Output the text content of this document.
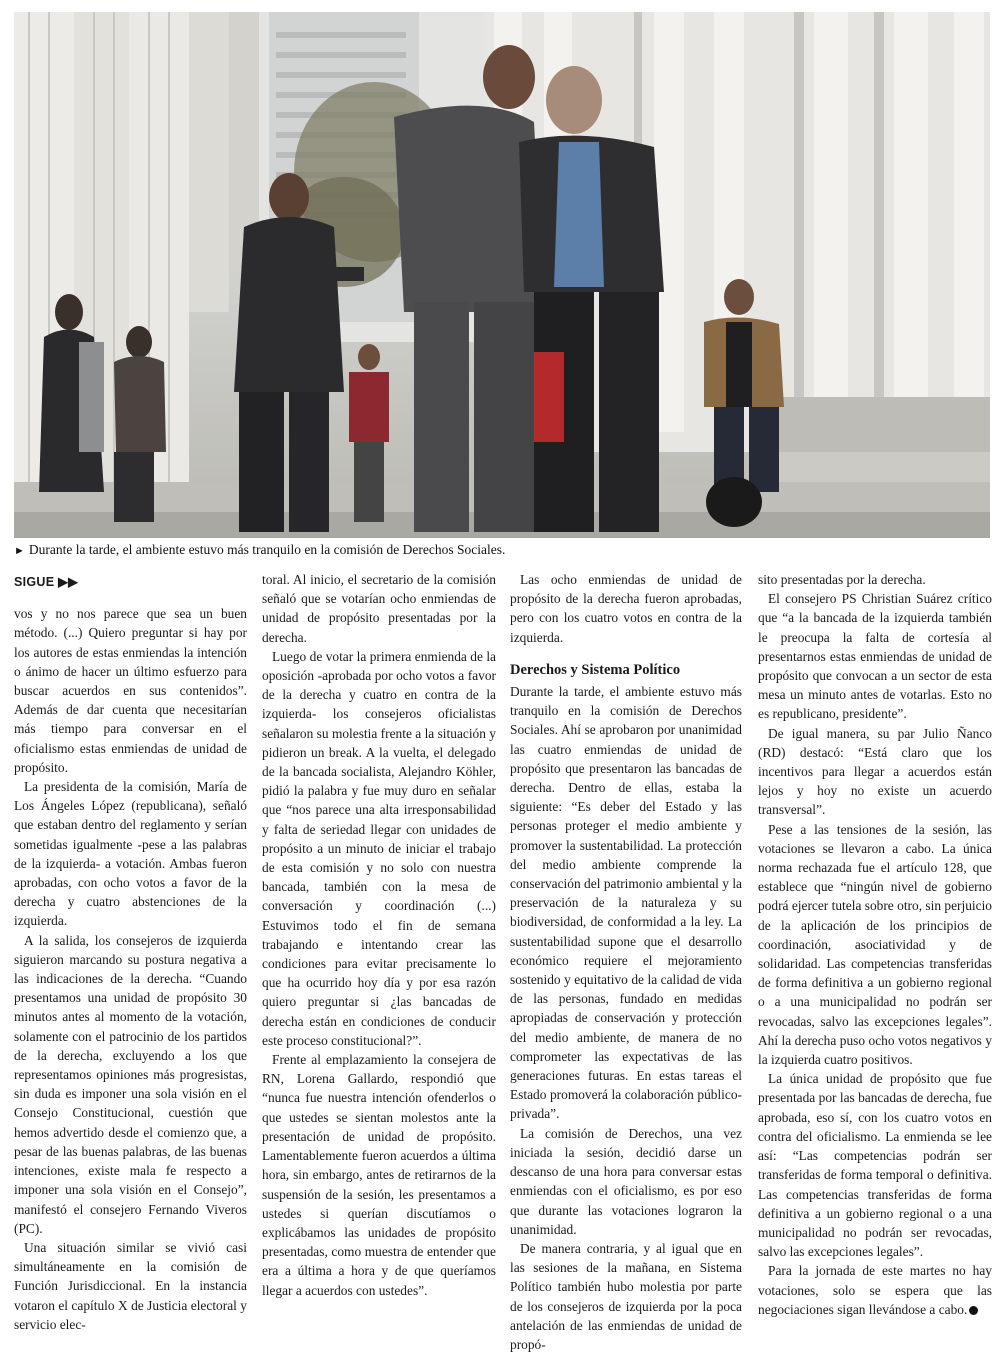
► Durante la tarde, el ambiente estuvo más tranquilo en la comisión de Derechos Sociales.
SIGUE ▶▶

vos y no nos parece que sea un buen método. (...) Quiero preguntar si hay por los autores de estas enmiendas la intención o ánimo de hacer un último esfuerzo para buscar acuerdos en sus contenidos”. Además de dar cuenta que necesitarían más tiempo para conversar en el oficialismo estas enmiendas de unidad de propósito.

La presidenta de la comisión, María de Los Ángeles López (republicana), señaló que estaban dentro del reglamento y serían sometidas igualmente -pese a las palabras de la izquierda- a votación. Ambas fueron aprobadas, con ocho votos a favor de la derecha y cuatro abstenciones de la izquierda.

A la salida, los consejeros de izquierda siguieron marcando su postura negativa a las indicaciones de la derecha. “Cuando presentamos una unidad de propósito 30 minutos antes al momento de la votación, solamente con el patrocinio de los partidos de la derecha, excluyendo a los que representamos opiniones más progresistas, sin duda es imponer una sola visión en el Consejo Constitucional, cuestión que hemos advertido desde el comienzo que, a pesar de las buenas palabras, de las buenas intenciones, existe mala fe respecto a imponer una sola visión en el Consejo”, manifestó el consejero Fernando Viveros (PC).

Una situación similar se vivió casi simultáneamente en la comisión de Función Jurisdiccional. En la instancia votaron el capítulo X de Justicia electoral y servicio elec-

toral. Al inicio, el secretario de la comisión señaló que se votarían ocho enmiendas de unidad de propósito presentadas por la derecha.

Luego de votar la primera enmienda de la oposición -aprobada por ocho votos a favor de la derecha y cuatro en contra de la izquierda- los consejeros oficialistas señalaron su molestia frente a la situación y pidieron un break. A la vuelta, el delegado de la bancada socialista, Alejandro Köhler, pidió la palabra y fue muy duro en señalar que “nos parece una alta irresponsabilidad y falta de seriedad llegar con unidades de propósito a un minuto de iniciar el trabajo de esta comisión y no solo con nuestra bancada, también con la mesa de conversación y coordinación (...) Estuvimos todo el fin de semana trabajando e intentando crear las condiciones para evitar precisamente lo que ha ocurrido hoy día y por esa razón quiero preguntar si ¿las bancadas de derecha están en condiciones de conducir este proceso constitucional?”.

Frente al emplazamiento la consejera de RN, Lorena Gallardo, respondió que “nunca fue nuestra intención ofenderlos o que ustedes se sientan molestos ante la presentación de unidad de propósito. Lamentablemente fueron acuerdos a última hora, sin embargo, antes de retirarnos de la suspensión de la sesión, les presentamos a ustedes si querían discutíamos o explicábamos las unidades de propósito presentadas, como muestra de entender que era a última a hora y de que queríamos llegar a acuerdos con ustedes”.

Las ocho enmiendas de unidad de propósito de la derecha fueron aprobadas, pero con los cuatro votos en contra de la izquierda.

Derechos y Sistema Político

Durante la tarde, el ambiente estuvo más tranquilo en la comisión de Derechos Sociales. Ahí se aprobaron por unanimidad las cuatro enmiendas de unidad de propósito que presentaron las bancadas de derecha. Dentro de ellas, estaba la siguiente: “Es deber del Estado y las personas proteger el medio ambiente y promover la sustentabilidad. La protección del medio ambiente comprende la conservación del patrimonio ambiental y la preservación de la naturaleza y su biodiversidad, de conformidad a la ley. La sustentabilidad supone que el desarrollo económico requiere el mejoramiento sostenido y equitativo de la calidad de vida de las personas, fundado en medidas apropiadas de conservación y protección del medio ambiente, de manera de no comprometer las expectativas de las generaciones futuras. En estas tareas el Estado promoverá la colaboración público-privada”.

La comisión de Derechos, una vez iniciada la sesión, decidió darse un descanso de una hora para conversar estas enmiendas con el oficialismo, es por eso que durante las votaciones lograron la unanimidad.

De manera contraria, y al igual que en las sesiones de la mañana, en Sistema Político también hubo molestia por parte de los consejeros de izquierda por la poca antelación de las enmiendas de unidad de propó-

sito presentadas por la derecha.

El consejero PS Christian Suárez crítico que “a la bancada de la izquierda también le preocupa la falta de cortesía al presentarnos estas enmiendas de unidad de propósito que convocan a un sector de esta mesa un minuto antes de votarlas. Esto no es republicano, presidente”.

De igual manera, su par Julio Ñanco (RD) destacó: “Está claro que los incentivos para llegar a acuerdos están lejos y hoy no existe un acuerdo transversal”.

Pese a las tensiones de la sesión, las votaciones se llevaron a cabo. La única norma rechazada fue el artículo 128, que establece que “ningún nivel de gobierno podrá ejercer tutela sobre otro, sin perjuicio de la aplicación de los principios de coordinación, asociatividad y de solidaridad. Las competencias transferidas de forma definitiva a un gobierno regional o a una municipalidad no podrán ser revocadas, salvo las excepciones legales”. Ahí la derecha puso ocho votos negativos y la izquierda cuatro positivos.

La única unidad de propósito que fue presentada por las bancadas de derecha, fue aprobada, eso sí, con los cuatro votos en contra del oficialismo. La enmienda se lee así: “Las competencias podrán ser transferidas de forma temporal o definitiva. Las competencias transferidas de forma definitiva a un gobierno regional o a una municipalidad no podrán ser revocadas, salvo las excepciones legales”.

Para la jornada de este martes no hay votaciones, solo se espera que las negociaciones sigan llevándose a cabo.
